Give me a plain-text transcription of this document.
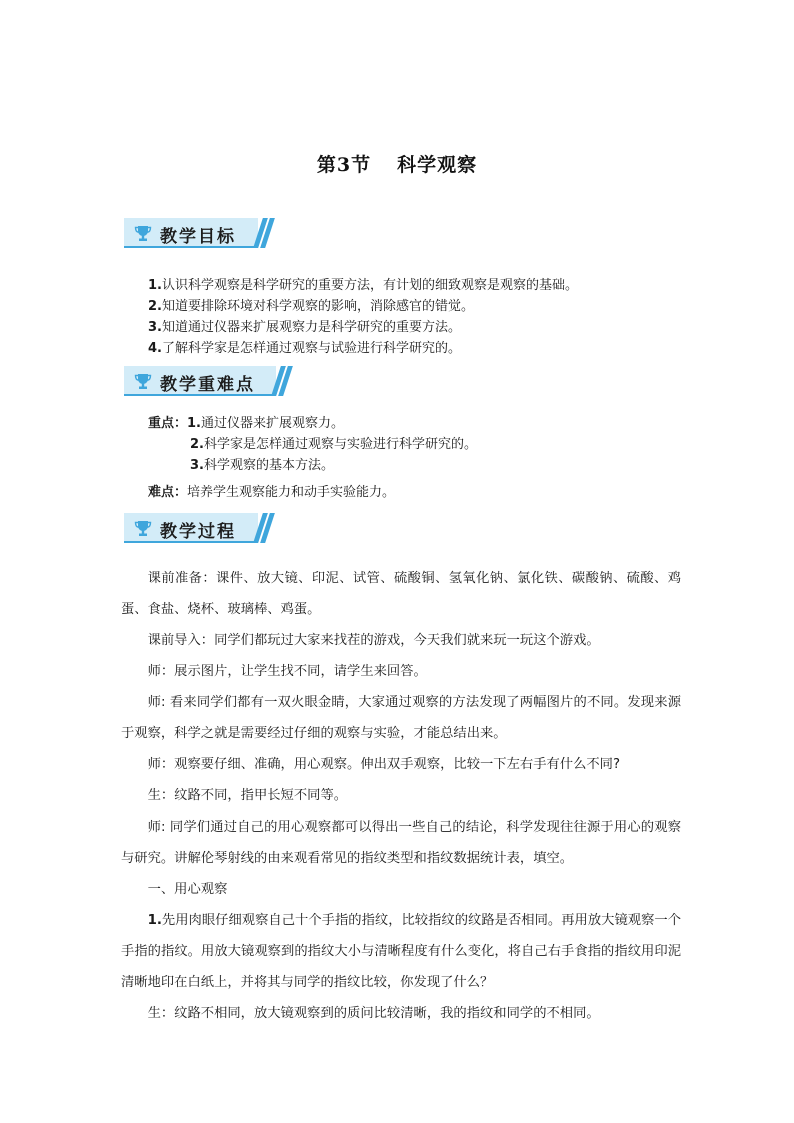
第3节 科学观察
教学目标
1.认识科学观察是科学研究的重要方法，有计划的细致观察是观察的基础。
2.知道要排除环境对科学观察的影响，消除感官的错觉。
3.知道通过仪器来扩展观察力是科学研究的重要方法。
4.了解科学家是怎样通过观察与试验进行科学研究的。
教学重难点
重点：1.通过仪器来扩展观察力。
2.科学家是怎样通过观察与实验进行科学研究的。
3.科学观察的基本方法。
难点：培养学生观察能力和动手实验能力。
教学过程
课前准备：课件、放大镜、印泥、试管、硫酸铜、氢氧化钠、氯化铁、碳酸钠、硫酸、鸡蛋、食盐、烧杯、玻璃棒、鸡蛋。
课前导入：同学们都玩过大家来找茬的游戏，今天我们就来玩一玩这个游戏。
师：展示图片，让学生找不同，请学生来回答。
师: 看来同学们都有一双火眼金睛，大家通过观察的方法发现了两幅图片的不同。发现来源于观察，科学之就是需要经过仔细的观察与实验，才能总结出来。
师：观察要仔细、准确，用心观察。伸出双手观察，比较一下左右手有什么不同?
生：纹路不同，指甲长短不同等。
师: 同学们通过自己的用心观察都可以得出一些自己的结论，科学发现往往源于用心的观察与研究。讲解伦琴射线的由来观看常见的指纹类型和指纹数据统计表，填空。
一、用心观察
1.先用肉眼仔细观察自己十个手指的指纹，比较指纹的纹路是否相同。再用放大镜观察一个手指的指纹。用放大镜观察到的指纹大小与清晰程度有什么变化，将自己右手食指的指纹用印泥清晰地印在白纸上，并将其与同学的指纹比较，你发现了什么？
生：纹路不相同，放大镜观察到的质问比较清晰，我的指纹和同学的不相同。
